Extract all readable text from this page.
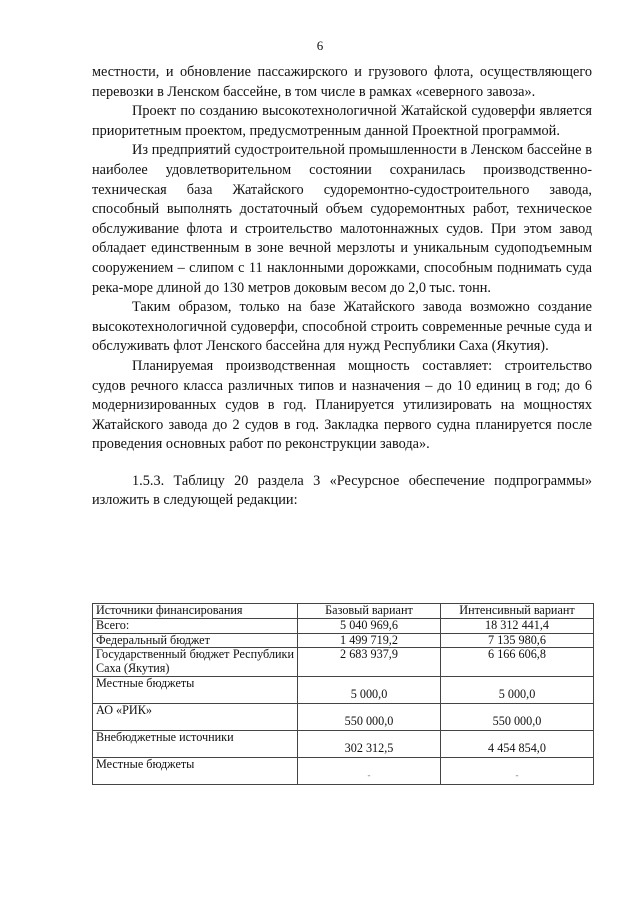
6

местности, и обновление пассажирского и грузового флота, осуществляющего перевозки в Ленском бассейне, в том числе в рамках «северного завоза».

Проект по созданию высокотехнологичной Жатайской судоверфи является приоритетным проектом, предусмотренным данной Проектной программой.

Из предприятий судостроительной промышленности в Ленском бассейне в наиболее удовлетворительном состоянии сохранилась производственно-техническая база Жатайского судоремонтно-судостроительного завода, способный выполнять достаточный объем судоремонтных работ, техническое обслуживание флота и строительство малотоннажных судов. При этом завод обладает единственным в зоне вечной мерзлоты и уникальным судоподъемным сооружением – слипом с 11 наклонными дорожками, способным поднимать суда река-море длиной до 130 метров доковым весом до 2,0 тыс. тонн.

Таким образом, только на базе Жатайского завода возможно создание высокотехнологичной судоверфи, способной строить современные речные суда и обслуживать флот Ленского бассейна для нужд Республики Саха (Якутия).

Планируемая производственная мощность составляет: строительство судов речного класса различных типов и назначения – до 10 единиц в год; до 6 модернизированных судов в год. Планируется утилизировать на мощностях Жатайского завода до 2 судов в год. Закладка первого судна планируется после проведения основных работ по реконструкции завода».

1.5.3. Таблицу 20 раздела 3 «Ресурсное обеспечение подпрограммы» изложить в следующей редакции:

Источники финансирования	Базовый вариант	Интенсивный вариант
Всего:	5 040 969,6	18 312 441,4
Федеральный бюджет	1 499 719,2	7 135 980,6
Государственный бюджет Республики Саха (Якутия)	2 683 937,9	6 166 606,8
Местные бюджеты	5 000,0	5 000,0
АО «РИК»	550 000,0	550 000,0
Внебюджетные источники	302 312,5	4 454 854,0
Местные бюджеты	-	-
